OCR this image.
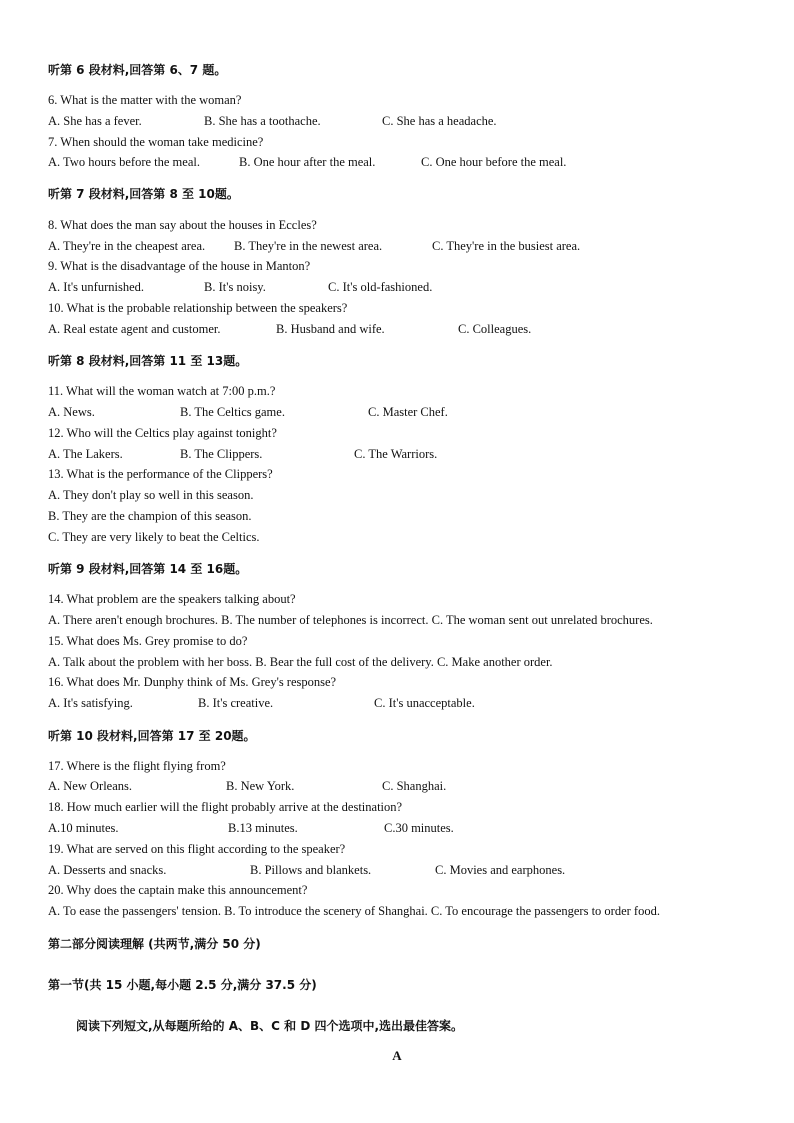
听第 6 段材料,回答第 6、7 题。
6. What is the matter with the woman?
A. She has a fever.	B. She has a toothache.	C. She has a headache.
7. When should the woman take medicine?
A. Two hours before the meal.	B. One hour after the meal.	C. One hour before the meal.
听第 7 段材料,回答第 8 至 10题。
8. What does the man say about the houses in Eccles?
A. They're in the cheapest area. B. They're in the newest area.	C. They're in the busiest area.
9. What is the disadvantage of the house in Manton?
A. It's unfurnished.	B. It's noisy.	C. It's old-fashioned.
10. What is the probable relationship between the speakers?
A. Real estate agent and customer.	B. Husband and wife.	C. Colleagues.
听第 8 段材料,回答第 11 至 13题。
11. What will the woman watch at 7:00 p.m.?
A. News.	B. The Celtics game.	C. Master Chef.
12. Who will the Celtics play against tonight?
A. The Lakers.	B. The Clippers.	C. The Warriors.
13. What is the performance of the Clippers?
A. They don't play so well in this season.
B. They are the champion of this season.
C. They are very likely to beat the Celtics.
听第 9 段材料,回答第 14 至 16题。
14. What problem are the speakers talking about?
A. There aren't enough brochures. B. The number of telephones is incorrect. C. The woman sent out unrelated brochures.
15. What does Ms. Grey promise to do?
A. Talk about the problem with her boss. B. Bear the full cost of the delivery. C. Make another order.
16. What does Mr. Dunphy think of Ms. Grey's response?
A. It's satisfying.	B. It's creative.	C. It's unacceptable.
听第 10 段材料,回答第 17 至 20题。
17. Where is the flight flying from?
A. New Orleans.	B. New York.	C. Shanghai.
18. How much earlier will the flight probably arrive at the destination?
A.10 minutes.	B.13 minutes.	C.30 minutes.
19. What are served on this flight according to the speaker?
A. Desserts and snacks.	B. Pillows and blankets.	C. Movies and earphones.
20. Why does the captain make this announcement?
A. To ease the passengers' tension. B. To introduce the scenery of Shanghai. C. To encourage the passengers to order food.
第二部分阅读理解 (共两节,满分 50 分)
第一节(共 15 小题,每小题 2.5 分,满分 37.5 分)
阅读下列短文,从每题所给的 A、B、C 和 D 四个选项中,选出最佳答案。
A
